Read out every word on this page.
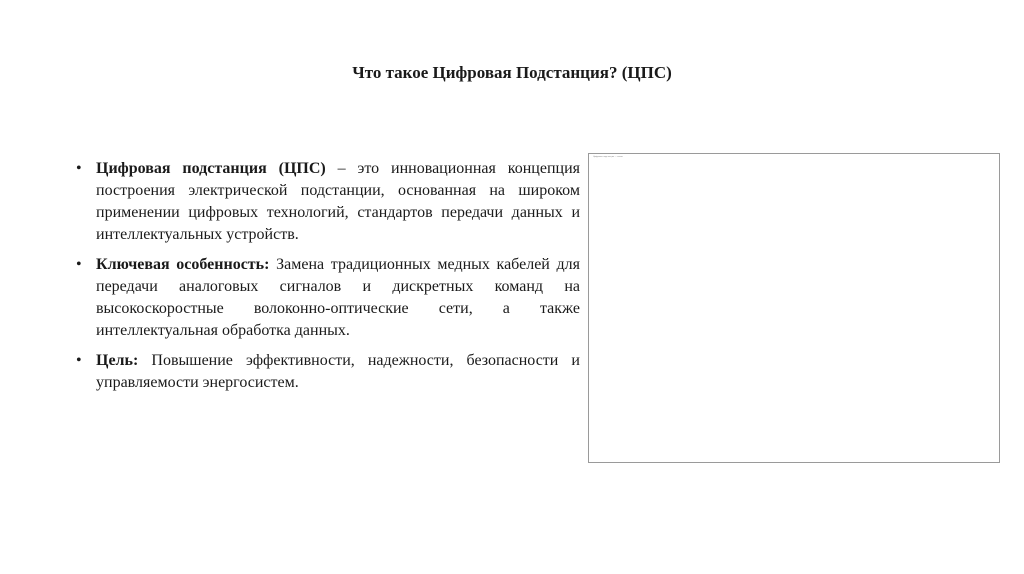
Что такое Цифровая Подстанция? (ЦПС)
• Цифровая подстанция (ЦПС) – это инновационная концепция построения электрической подстанции, основанная на широком применении цифровых технологий, стандартов передачи данных и интеллектуальных устройств.
• Ключевая особенность: Замена традиционных медных кабелей для передачи аналоговых сигналов и дискретных команд на высокоскоростные волоконно-оптические сети, а также интеллектуальная обработка данных.
• Цель: Повышение эффективности, надежности, безопасности и управляемости энергосистем.
Цифровая подстанция — схема
